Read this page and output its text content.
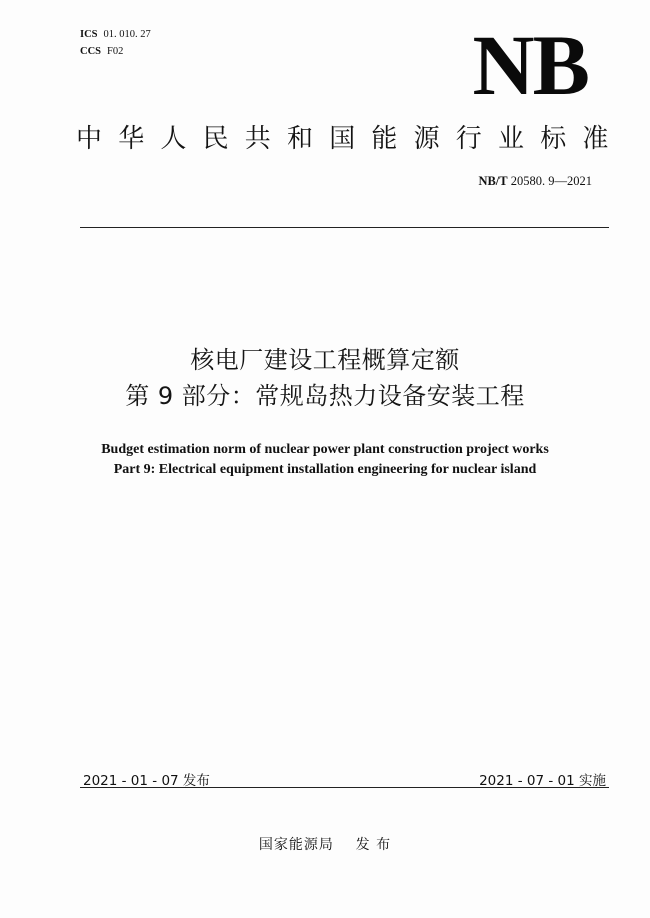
ICS 01. 010. 27
CCS F02	NB
中华人民共和国能源行业标准
NB/T 20580. 9—2021
核电厂建设工程概算定额
第 9 部分：常规岛热力设备安装工程
Budget estimation norm of nuclear power plant construction project works
Part 9: Electrical equipment installation engineering for nuclear island
2021 - 01 - 07 发布	2021 - 07 - 01 实施
国家能源局    发 布
